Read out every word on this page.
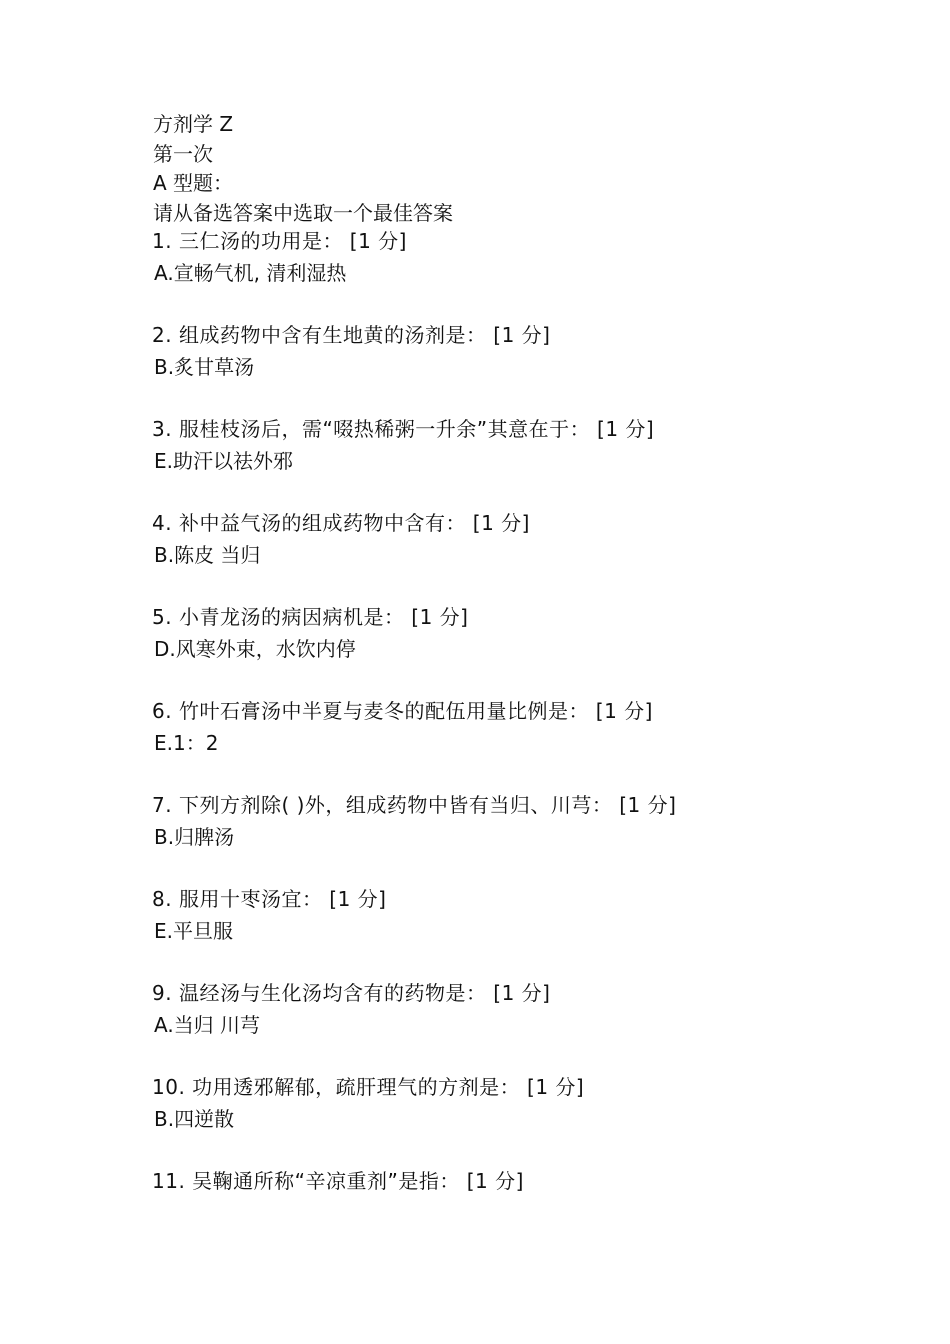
方剂学 Z
第一次
A 型题：
请从备选答案中选取一个最佳答案
1. 三仁汤的功用是： [1 分]
A.宣畅气机, 清利湿热
2. 组成药物中含有生地黄的汤剂是： [1 分]
B.炙甘草汤
3. 服桂枝汤后，需“啜热稀粥一升余”其意在于： [1 分]
E.助汗以祛外邪
4. 补中益气汤的组成药物中含有： [1 分]
B.陈皮 当归
5. 小青龙汤的病因病机是： [1 分]
D.风寒外束，水饮内停
6. 竹叶石膏汤中半夏与麦冬的配伍用量比例是： [1 分]
E.1：2
7. 下列方剂除( )外，组成药物中皆有当归、川芎： [1 分]
B.归脾汤
8. 服用十枣汤宜： [1 分]
E.平旦服
9. 温经汤与生化汤均含有的药物是： [1 分]
A.当归 川芎
10. 功用透邪解郁，疏肝理气的方剂是： [1 分]
B.四逆散
11. 吴鞠通所称“辛凉重剂”是指： [1 分]
